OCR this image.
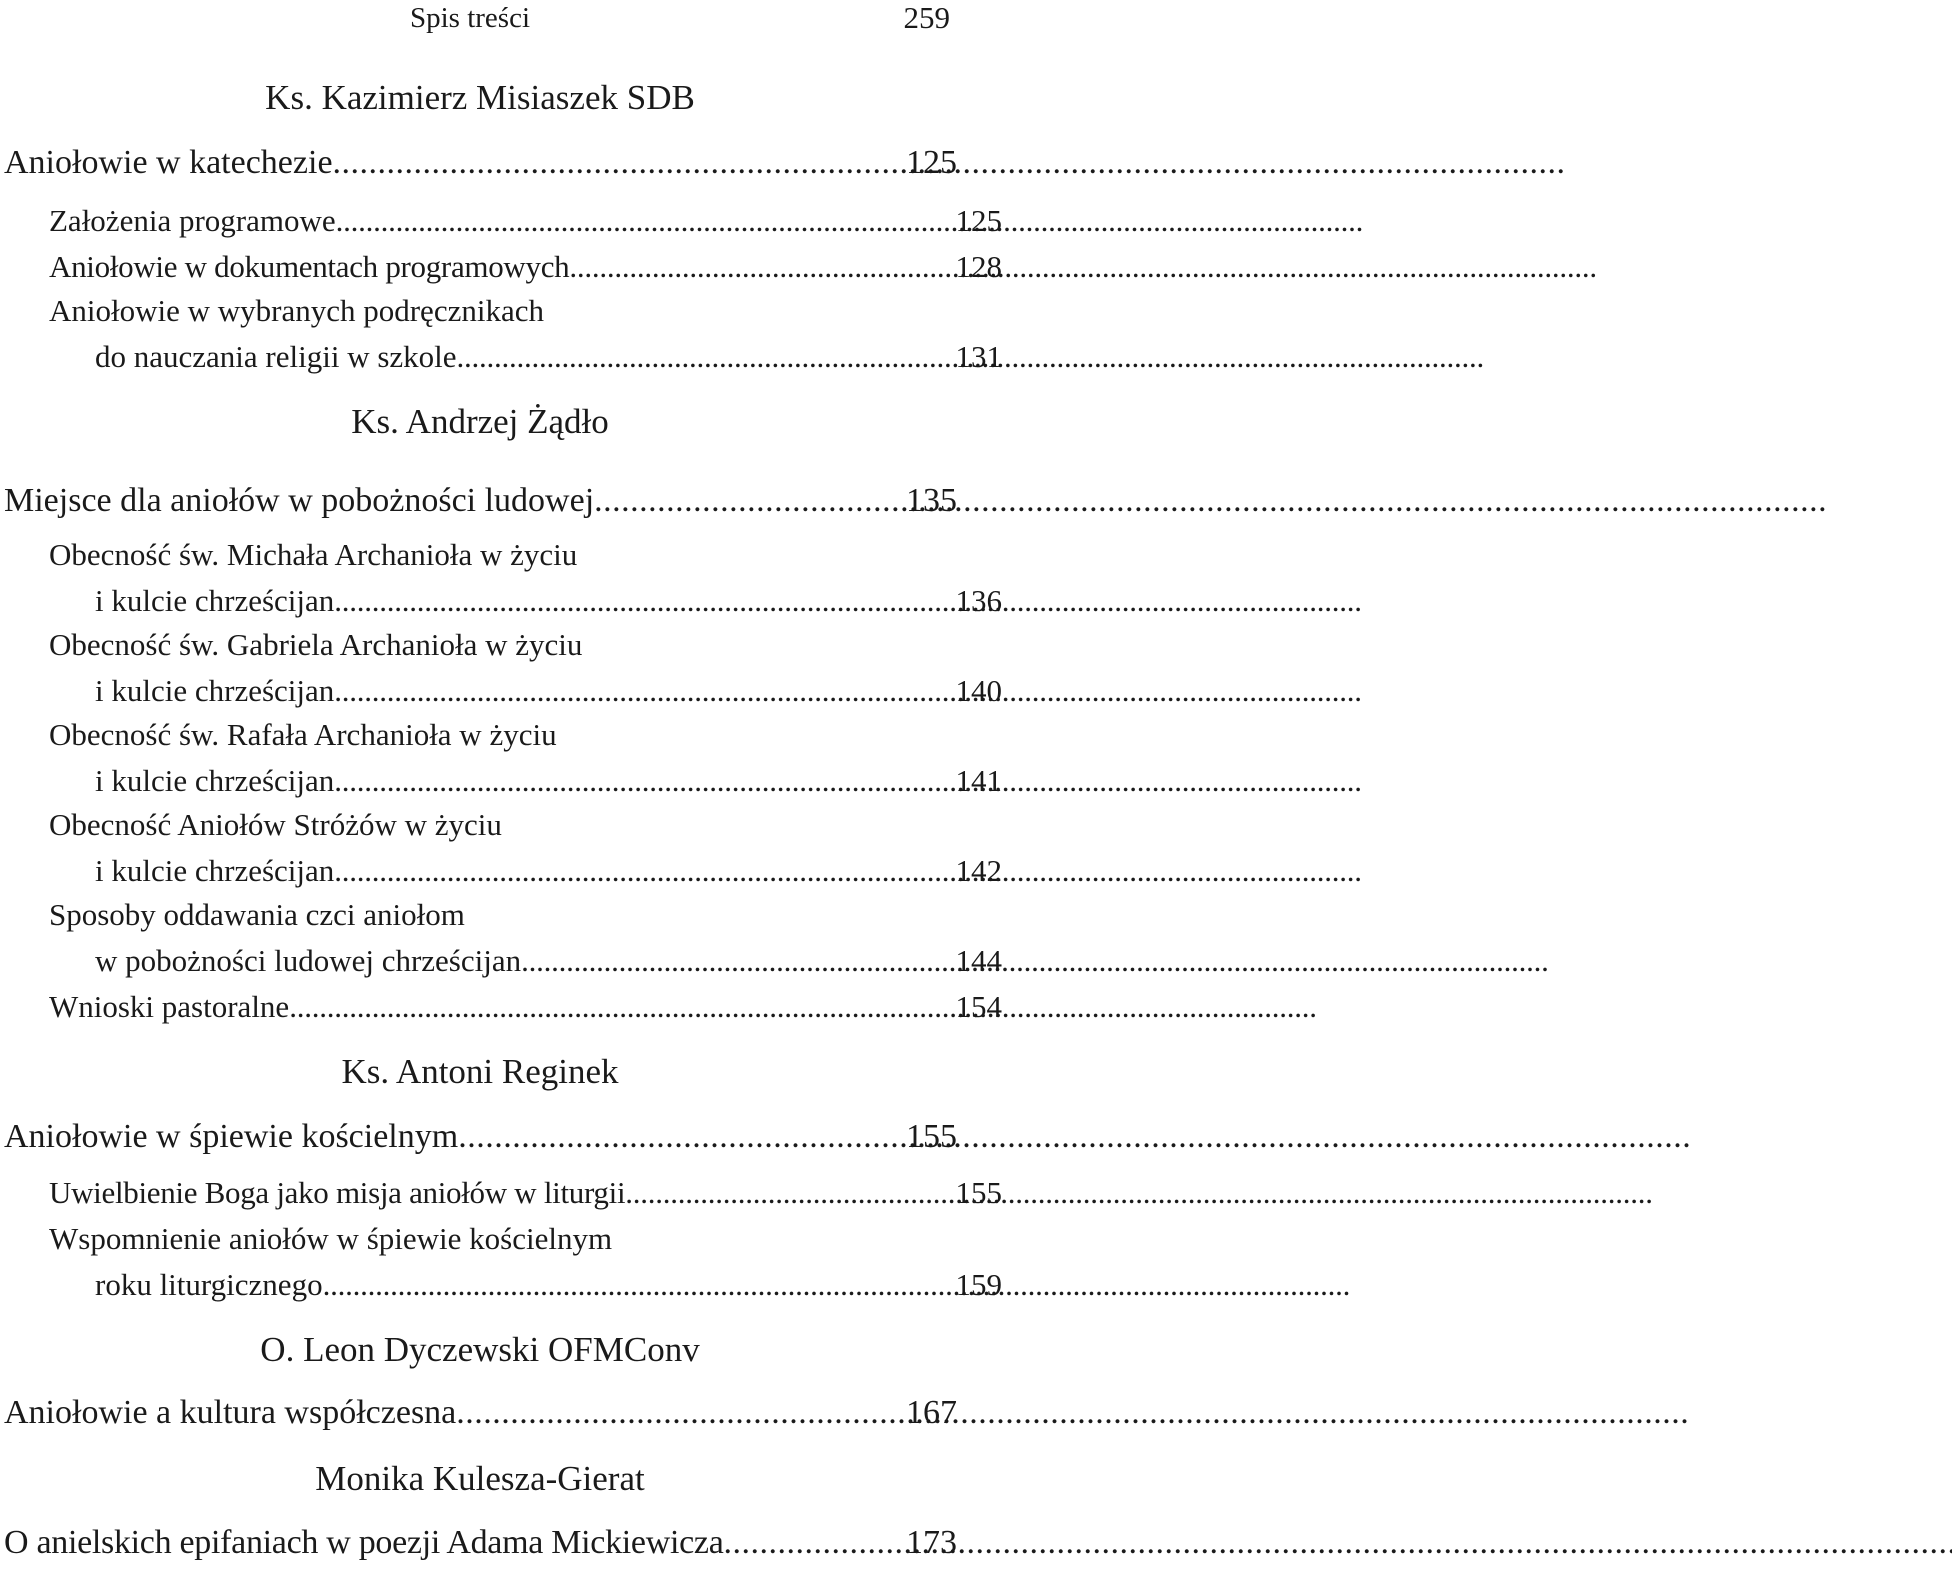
Spis treści	259
Ks. Kazimierz Misiaszek SDB
Aniołowie w katechezie . . .	125
Założenia programowe . . .	125
Aniołowie w dokumentach programowych . . .	128
Aniołowie w wybranych podręcznikach
do nauczania religii w szkole . . .	131
Ks. Andrzej Żądło
Miejsce dla aniołów w pobożności ludowej . . .	135
Obecność św. Michała Archanioła w życiu
i kulcie chrześcijan . . .	136
Obecność św. Gabriela Archanioła w życiu
i kulcie chrześcijan . . .	140
Obecność św. Rafała Archanioła w życiu
i kulcie chrześcijan . . .	141
Obecność Aniołów Stróżów w życiu
i kulcie chrześcijan . . .	142
Sposoby oddawania czci aniołom
w pobożności ludowej chrześcijan . . .	144
Wnioski pastoralne . . .	154
Ks. Antoni Reginek
Aniołowie w śpiewie kościelnym . . .	155
Uwielbienie Boga jako misja aniołów w liturgii . . .	155
Wspomnienie aniołów w śpiewie kościelnym
roku liturgicznego . . .	159
O. Leon Dyczewski OFMConv
Aniołowie a kultura współczesna . . .	167
Monika Kulesza-Gierat
O anielskich epifaniach w poezji Adama Mickiewicza . . .	173
